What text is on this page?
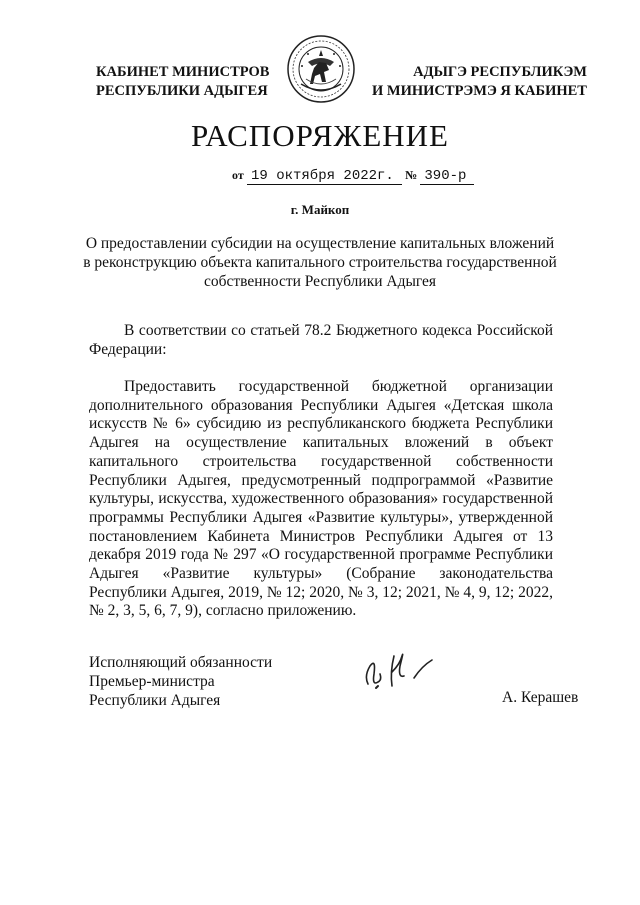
КАБИНЕТ МИНИСТРОВ
РЕСПУБЛИКИ АДЫГЕЯ
АДЫГЭ РЕСПУБЛИКЭМ
И МИНИСТРЭМЭ Я КАБИНЕТ
РАСПОРЯЖЕНИЕ
от 19 октября 2022г. № 390-р
г. Майкоп
О предоставлении субсидии на осуществление капитальных вложений
в реконструкцию объекта капитального строительства государственной
собственности Республики Адыгея
В соответствии со статьей 78.2 Бюджетного кодекса Российской Федерации:
Предоставить государственной бюджетной организации дополнительного образования Республики Адыгея «Детская школа искусств № 6» субсидию из республиканского бюджета Республики Адыгея на осуществление капитальных вложений в объект капитального строительства государственной собственности Республики Адыгея, предусмотренный подпрограммой «Развитие культуры, искусства, художественного образования» государственной программы Республики Адыгея «Развитие культуры», утвержденной постановлением Кабинета Министров Республики Адыгея от 13 декабря 2019 года № 297 «О государственной программе Республики Адыгея «Развитие культуры» (Собрание законодательства Республики Адыгея, 2019, № 12; 2020, № 3, 12; 2021, № 4, 9, 12; 2022, № 2, 3, 5, 6, 7, 9), согласно приложению.
Исполняющий обязанности
Премьер-министра
Республики Адыгея	А. Керашев
